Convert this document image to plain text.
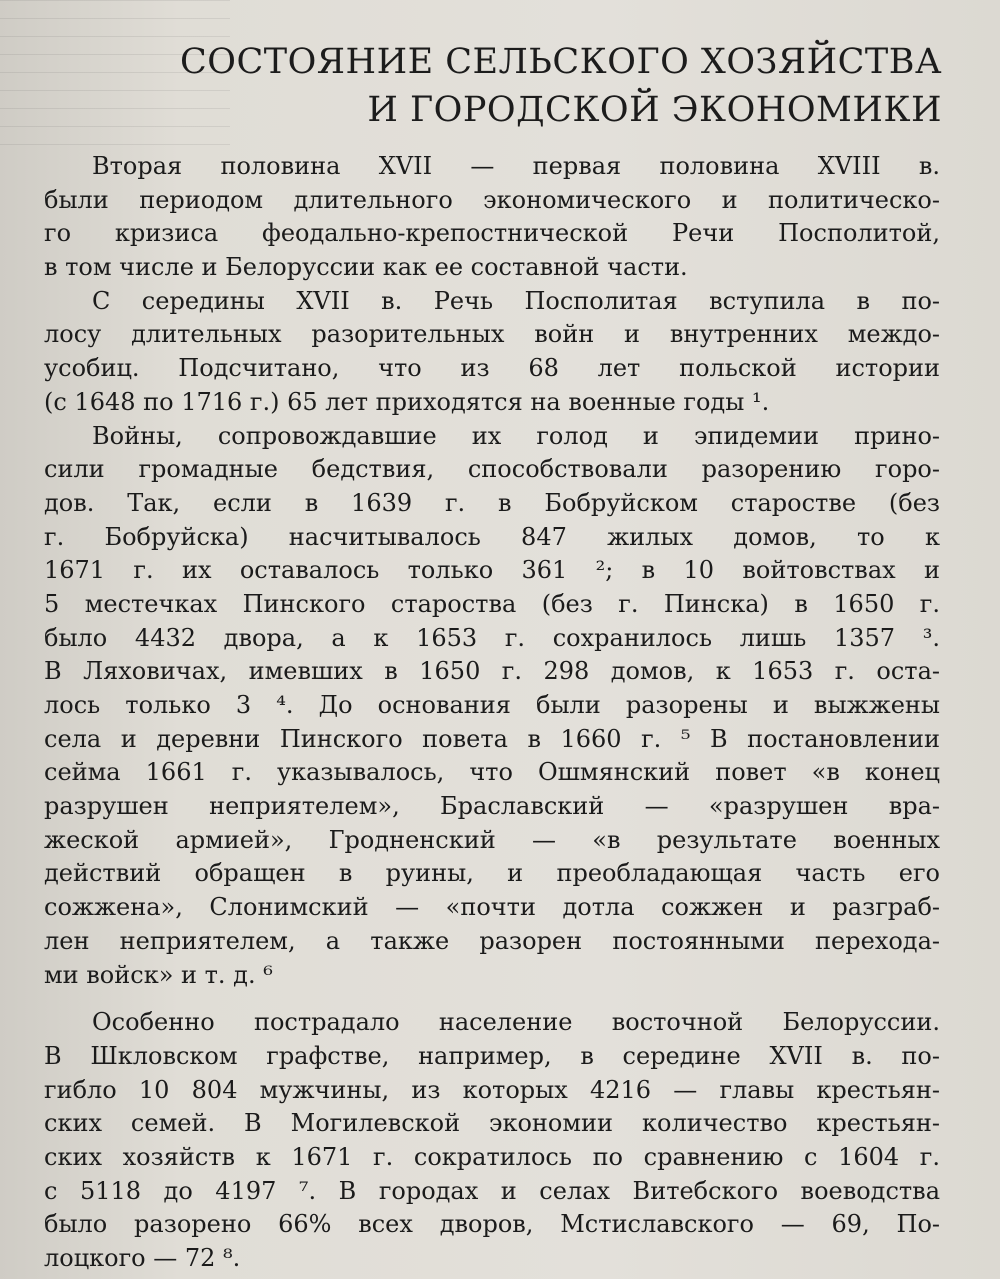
СОСТОЯНИЕ СЕЛЬСКОГО ХОЗЯЙСТВА
И ГОРОДСКОЙ ЭКОНОМИКИ
Вторая половина XVII — первая половина XVIII в.
были периодом длительного экономического и политическо-
го кризиса феодально-крепостнической Речи Посполитой,
в том числе и Белоруссии как ее составной части.
С середины XVII в. Речь Посполитая вступила в по-
лосу длительных разорительных войн и внутренних междо-
усобиц. Подсчитано, что из 68 лет польской истории
(с 1648 по 1716 г.) 65 лет приходятся на военные годы ¹.
Войны, сопровождавшие их голод и эпидемии прино-
сили громадные бедствия, способствовали разорению горо-
дов. Так, если в 1639 г. в Бобруйском старостве (без
г. Бобруйска) насчитывалось 847 жилых домов, то к
1671 г. их оставалось только 361 ²; в 10 войтовствах и
5 местечках Пинского староства (без г. Пинска) в 1650 г.
было 4432 двора, а к 1653 г. сохранилось лишь 1357 ³.
В Ляховичах, имевших в 1650 г. 298 домов, к 1653 г. оста-
лось только 3 ⁴. До основания были разорены и выжжены
села и деревни Пинского повета в 1660 г. ⁵ В постановлении
сейма 1661 г. указывалось, что Ошмянский повет «в конец
разрушен неприятелем», Браславский — «разрушен вра-
жеской армией», Гродненский — «в результате военных
действий обращен в руины, и преобладающая часть его
сожжена», Слонимский — «почти дотла сожжен и разграб-
лен неприятелем, а также разорен постоянными переходa-
ми войск» и т. д. ⁶
Особенно пострадало население восточной Белоруссии.
В Шкловском графстве, например, в середине XVII в. по-
гибло 10 804 мужчины, из которых 4216 — главы крестьян-
ских семей. В Могилевской экономии количество крестьян-
ских хозяйств к 1671 г. сократилось по сравнению с 1604 г.
с 5118 до 4197 ⁷. В городах и селах Витебского воеводства
было разорено 66% всех дворов, Мстиславского — 69, По-
лоцкого — 72 ⁸.
